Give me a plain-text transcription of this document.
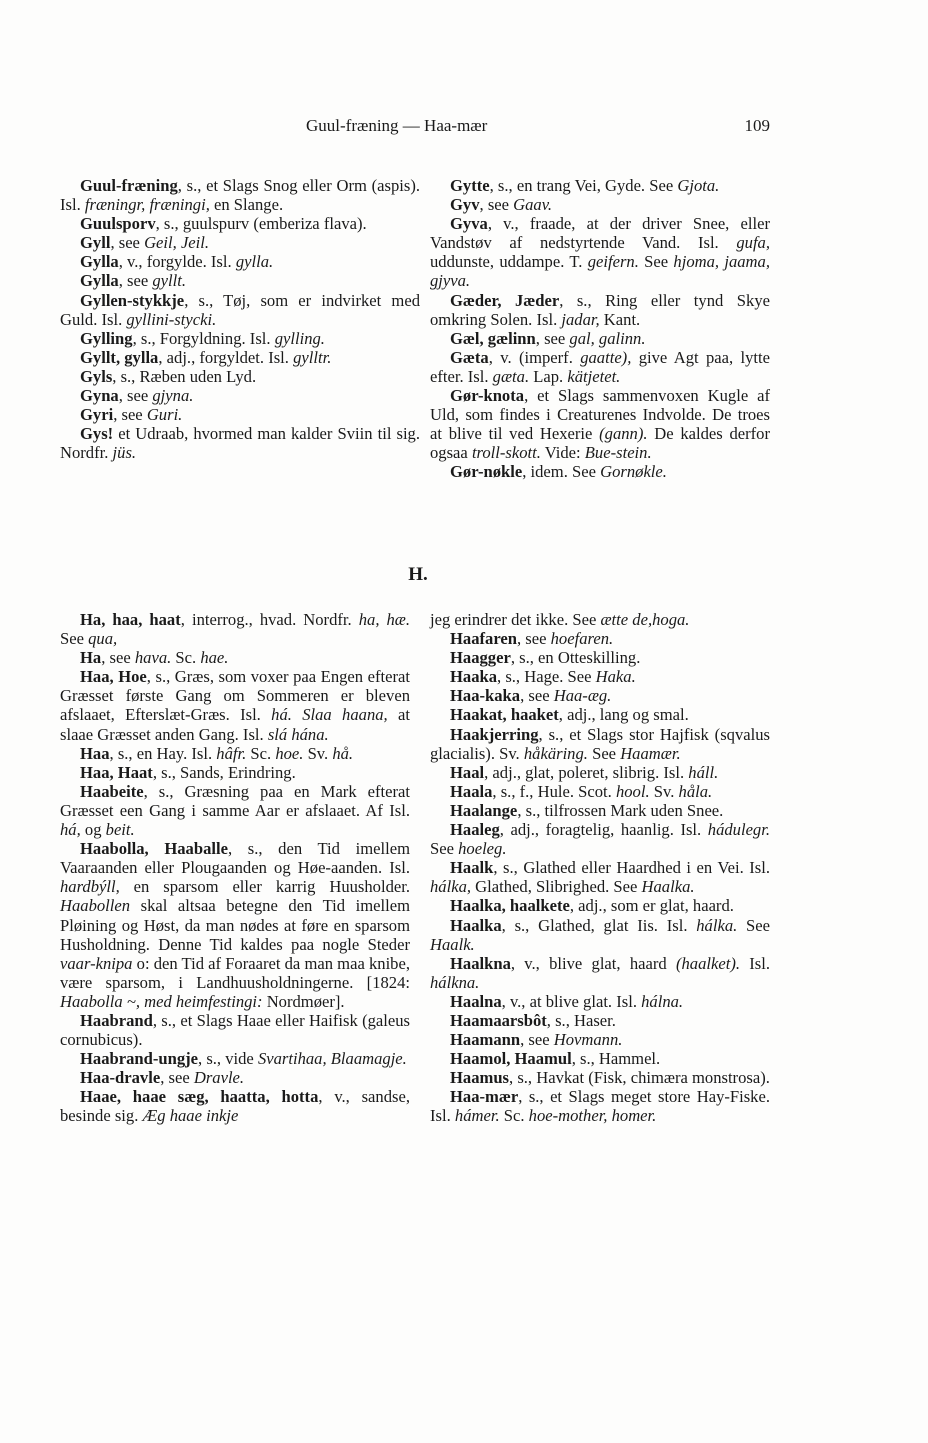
Guul-fræning — Haa-mær	109

Guul-fræning, s., et Slags Snog eller Orm (aspis). Isl. fræningr, fræningi, en Slange.

Guulsporv, s., guulspurv (emberiza flava).

Gyll, see Geil, Jeil.

Gylla, v., forgylde. Isl. gylla.

Gylla, see gyllt.

Gyllen-stykkje, s., Tøj, som er indvirket med Guld. Isl. gyllini-stycki.

Gylling, s., Forgyldning. Isl. gylling.

Gyllt, gylla, adj., forgyldet. Isl. gylltr.

Gyls, s., Ræben uden Lyd.

Gyna, see gjyna.

Gyri, see Guri.

Gys! et Udraab, hvormed man kalder Sviin til sig. Nordfr. jüs.

Gytte, s., en trang Vei, Gyde. See Gjota.

Gyv, see Gaav.

Gyva, v., fraade, at der driver Snee, eller Vandstøv af nedstyrtende Vand. Isl. gufa, uddunste, uddampe. T. geifern. See hjoma, jaama, gjyva.

Gæder, Jæder, s., Ring eller tynd Skye omkring Solen. Isl. jadar, Kant.

Gæl, gælinn, see gal, galinn.

Gæta, v. (imperf. gaatte), give Agt paa, lytte efter. Isl. gæta. Lap. kätjetet.

Gør-knota, et Slags sammenvoxen Kugle af Uld, som findes i Creaturenes Indvolde. De troes at blive til ved Hexerie (gann). De kaldes derfor ogsaa troll-skott. Vide: Bue-stein.

Gør-nøkle, idem. See Gornøkle.

H.

Ha, haa, haat, interrog., hvad. Nordfr. ha, hæ. See qua,

Ha, see hava. Sc. hae.

Haa, Hoe, s., Græs, som voxer paa Engen efterat Græsset første Gang om Sommeren er bleven afslaaet, Efterslæt-Græs. Isl. há. Slaa haana, at slaae Græsset anden Gang. Isl. slá hána.

Haa, s., en Hay. Isl. hâfr. Sc. hoe. Sv. hå.

Haa, Haat, s., Sands, Erindring.

Haabeite, s., Græsning paa en Mark efterat Græsset een Gang i samme Aar er afslaaet. Af Isl. há, og beit.

Haabolla, Haaballe, s., den Tid imellem Vaaraanden eller Plougaanden og Høe-aanden. Isl. hardbýll, en sparsom eller karrig Huusholder. Haabollen skal altsaa betegne den Tid imellem Pløining og Høst, da man nødes at føre en sparsom Husholdning. Denne Tid kaldes paa nogle Steder vaar-knipa o: den Tid af Foraaret da man maa knibe, være sparsom, i Landhuusholdningerne. [1824: Haabolla ~, med heimfestingi: Nordmøer].

Haabrand, s., et Slags Haae eller Haifisk (galeus cornubicus).

Haabrand-ungje, s., vide Svartihaa, Blaamagje.

Haa-dravle, see Dravle.

Haae, haae sæg, haatta, hotta, v., sandse, besinde sig. Æg haae inkje

jeg erindrer det ikke. See ætte de,hoga.

Haafaren, see hoefaren.

Haagger, s., en Otteskilling.

Haaka, s., Hage. See Haka.

Haa-kaka, see Haa-æg.

Haakat, haaket, adj., lang og smal.

Haakjerring, s., et Slags stor Hajfisk (sqvalus glacialis). Sv. håkäring. See Haamær.

Haal, adj., glat, poleret, slibrig. Isl. háll.

Haala, s., f., Hule. Scot. hool. Sv. håla.

Haalange, s., tilfrossen Mark uden Snee.

Haaleg, adj., foragtelig, haanlig. Isl. hádulegr. See hoeleg.

Haalk, s., Glathed eller Haardhed i en Vei. Isl. hálka, Glathed, Slibrighed. See Haalka.

Haalka, haalkete, adj., som er glat, haard.

Haalka, s., Glathed, glat Iis. Isl. hálka. See Haalk.

Haalkna, v., blive glat, haard (haalket). Isl. hálkna.

Haalna, v., at blive glat. Isl. hálna.

Haamaarsbôt, s., Haser.

Haamann, see Hovmann.

Haamol, Haamul, s., Hammel.

Haamus, s., Havkat (Fisk, chimæra monstrosa).

Haa-mær, s., et Slags meget store Hay-Fiske. Isl. hámer. Sc. hoe-mother, homer.
